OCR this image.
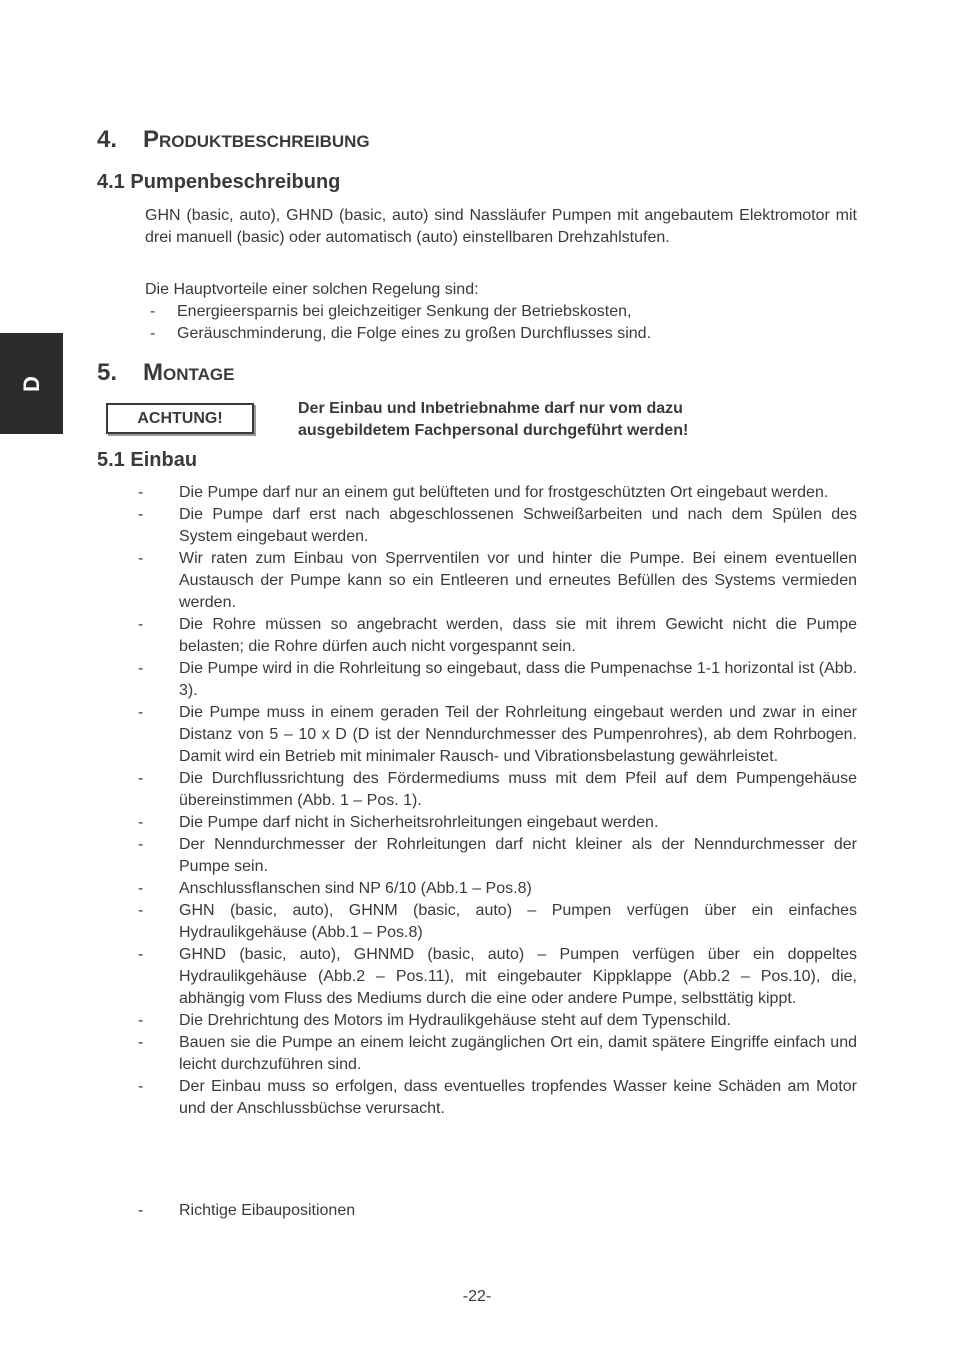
D
4. Produktbeschreibung
4.1 Pumpenbeschreibung
GHN (basic, auto), GHND (basic, auto) sind Nassläufer Pumpen mit angebautem Elektromotor mit drei manuell (basic) oder automatisch (auto) einstellbaren Drehzahlstufen.
Die Hauptvorteile einer solchen Regelung sind:
- Energieersparnis bei gleichzeitiger Senkung der Betriebskosten,
- Geräuschminderung, die Folge eines zu großen Durchflusses sind.
5. Montage
ACHTUNG!
Der Einbau und Inbetriebnahme darf nur vom dazu ausgebildetem Fachpersonal durchgeführt werden!
5.1 Einbau
- Die Pumpe darf nur an einem gut belüfteten und for frostgeschützten Ort eingebaut werden.
- Die Pumpe darf erst nach abgeschlossenen Schweißarbeiten und nach dem Spülen des System eingebaut werden.
- Wir raten zum Einbau von Sperrventilen vor und hinter die Pumpe. Bei einem eventuellen Austausch der Pumpe kann so ein Entleeren und erneutes Befüllen des Systems vermieden werden.
- Die Rohre müssen so angebracht werden, dass sie mit ihrem Gewicht nicht die Pumpe belasten; die Rohre dürfen auch nicht vorgespannt sein.
- Die Pumpe wird in die Rohrleitung so eingebaut, dass die Pumpenachse 1-1 horizontal ist (Abb. 3).
- Die Pumpe muss in einem geraden Teil der Rohrleitung eingebaut werden und zwar in einer Distanz von 5 – 10 x D (D ist der Nenndurchmesser des Pumpenrohres), ab dem Rohrbogen. Damit wird ein Betrieb mit minimaler Rausch- und Vibrationsbelastung gewährleistet.
- Die Durchflussrichtung des Fördermediums muss mit dem Pfeil auf dem Pumpengehäuse übereinstimmen (Abb. 1 – Pos. 1).
- Die Pumpe darf nicht in Sicherheitsrohrleitungen eingebaut werden.
- Der Nenndurchmesser der Rohrleitungen darf nicht kleiner als der Nenndurchmesser der Pumpe sein.
- Anschlussflanschen sind NP 6/10 (Abb.1 – Pos.8)
- GHN (basic, auto), GHNM (basic, auto) – Pumpen verfügen über ein einfaches Hydraulikgehäuse (Abb.1 – Pos.8)
- GHND (basic, auto), GHNMD (basic, auto) – Pumpen verfügen über ein doppeltes Hydraulikgehäuse (Abb.2 – Pos.11), mit eingebauter Kippklappe (Abb.2 – Pos.10), die, abhängig vom Fluss des Mediums durch die eine oder andere Pumpe, selbsttätig kippt.
- Die Drehrichtung des Motors im Hydraulikgehäuse steht auf dem Typenschild.
- Bauen sie die Pumpe an einem leicht zugänglichen Ort ein, damit spätere Eingriffe einfach und leicht durchzuführen sind.
- Der Einbau muss so erfolgen, dass eventuelles tropfendes Wasser keine Schäden am Motor und der Anschlussbüchse verursacht.
- Richtige Eibaupositionen
-22-
